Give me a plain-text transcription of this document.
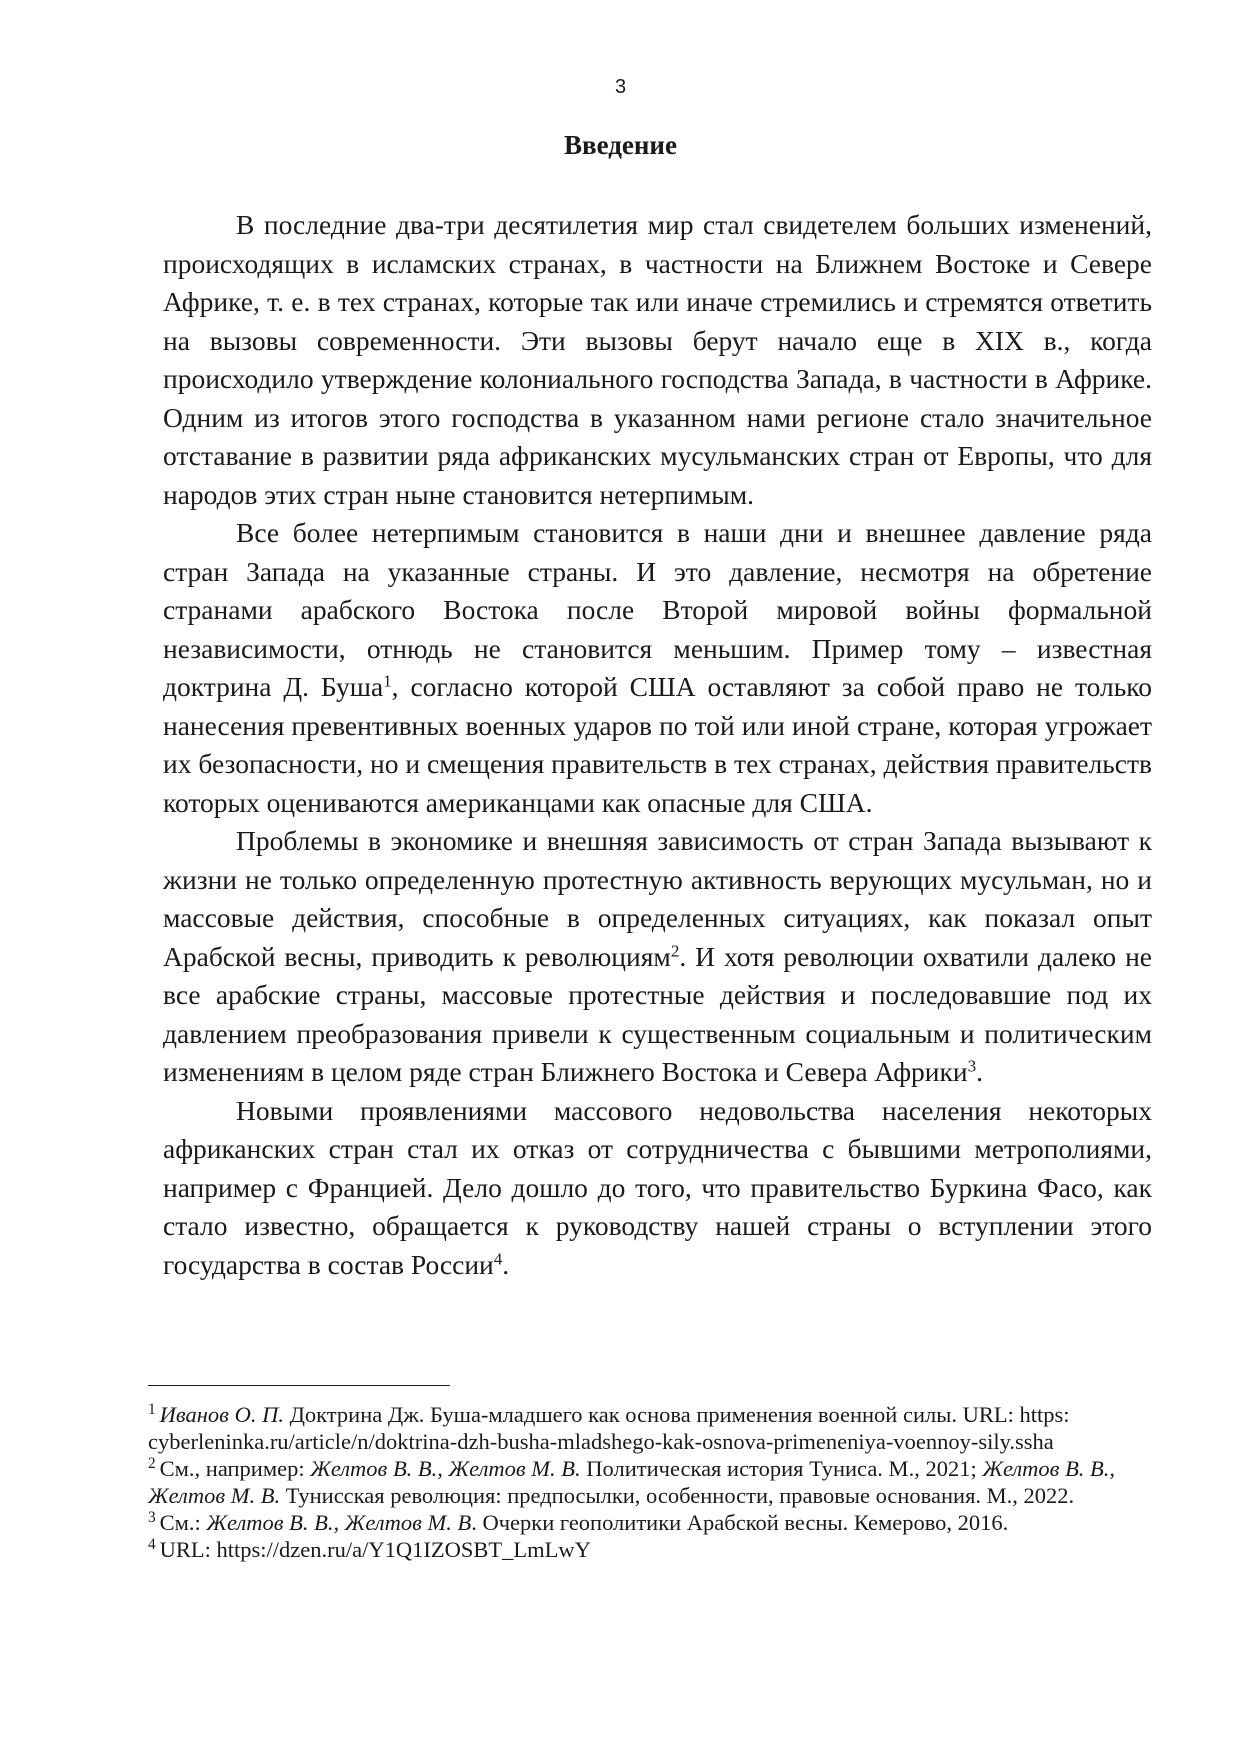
3
Введение

В последние два-три десятилетия мир стал свидетелем больших изменений, происходящих в исламских странах, в частности на Ближнем Востоке и Севере Африке, т. е. в тех странах, которые так или иначе стремились и стремятся ответить на вызовы современности. Эти вызовы берут начало еще в XIX в., когда происходило утверждение колониального господства Запада, в частности в Африке. Одним из итогов этого господства в указанном нами регионе стало значительное отставание в развитии ряда африканских мусульманских стран от Европы, что для народов этих стран ныне становится нетерпимым.

Все более нетерпимым становится в наши дни и внешнее давление ряда стран Запада на указанные страны. И это давление, несмотря на обретение странами арабского Востока после Второй мировой войны формальной независимости, отнюдь не становится меньшим. Пример тому – известная доктрина Д. Буша$^1$, согласно которой США оставляют за собой право не только нанесения превентивных военных ударов по той или иной стране, которая угрожает их безопасности, но и смещения правительств в тех странах, действия правительств которых оцениваются американцами как опасные для США.

Проблемы в экономике и внешняя зависимость от стран Запада вызывают к жизни не только определенную протестную активность верующих мусульман, но и массовые действия, способные в определенных ситуациях, как показал опыт Арабской весны, приводить к революциям$^2$. И хотя революции охватили далеко не все арабские страны, массовые протестные действия и последовавшие под их давлением преобразования привели к существенным социальным и политическим изменениям в целом ряде стран Ближнего Востока и Севера Африки$^3$.

Новыми проявлениями массового недовольства населения некоторых африканских стран стал их отказ от сотрудничества с бывшими метрополиями, например с Францией. Дело дошло до того, что правительство Буркина Фасо, как стало известно, обращается к руководству нашей страны о вступлении этого государства в состав России$^4$.

$^1$ Иванов О. П. Доктрина Дж. Буша-младшего как основа применения военной силы. URL: https: cyberleninka.ru/article/n/doktrina-dzh-busha-mladshego-kak-osnova-primeneniya-voennoy-sily.ssha
$^2$ См., например: Желтов В. В., Желтов М. В. Политическая история Туниса. М., 2021; Желтов В. В., Желтов М. В. Тунисская революция: предпосылки, особенности, правовые основания. М., 2022.
$^3$ См.: Желтов В. В., Желтов М. В. Очерки геополитики Арабской весны. Кемерово, 2016.
$^4$ URL: https://dzen.ru/a/Y1Q1IZOSBT_LmLwY
